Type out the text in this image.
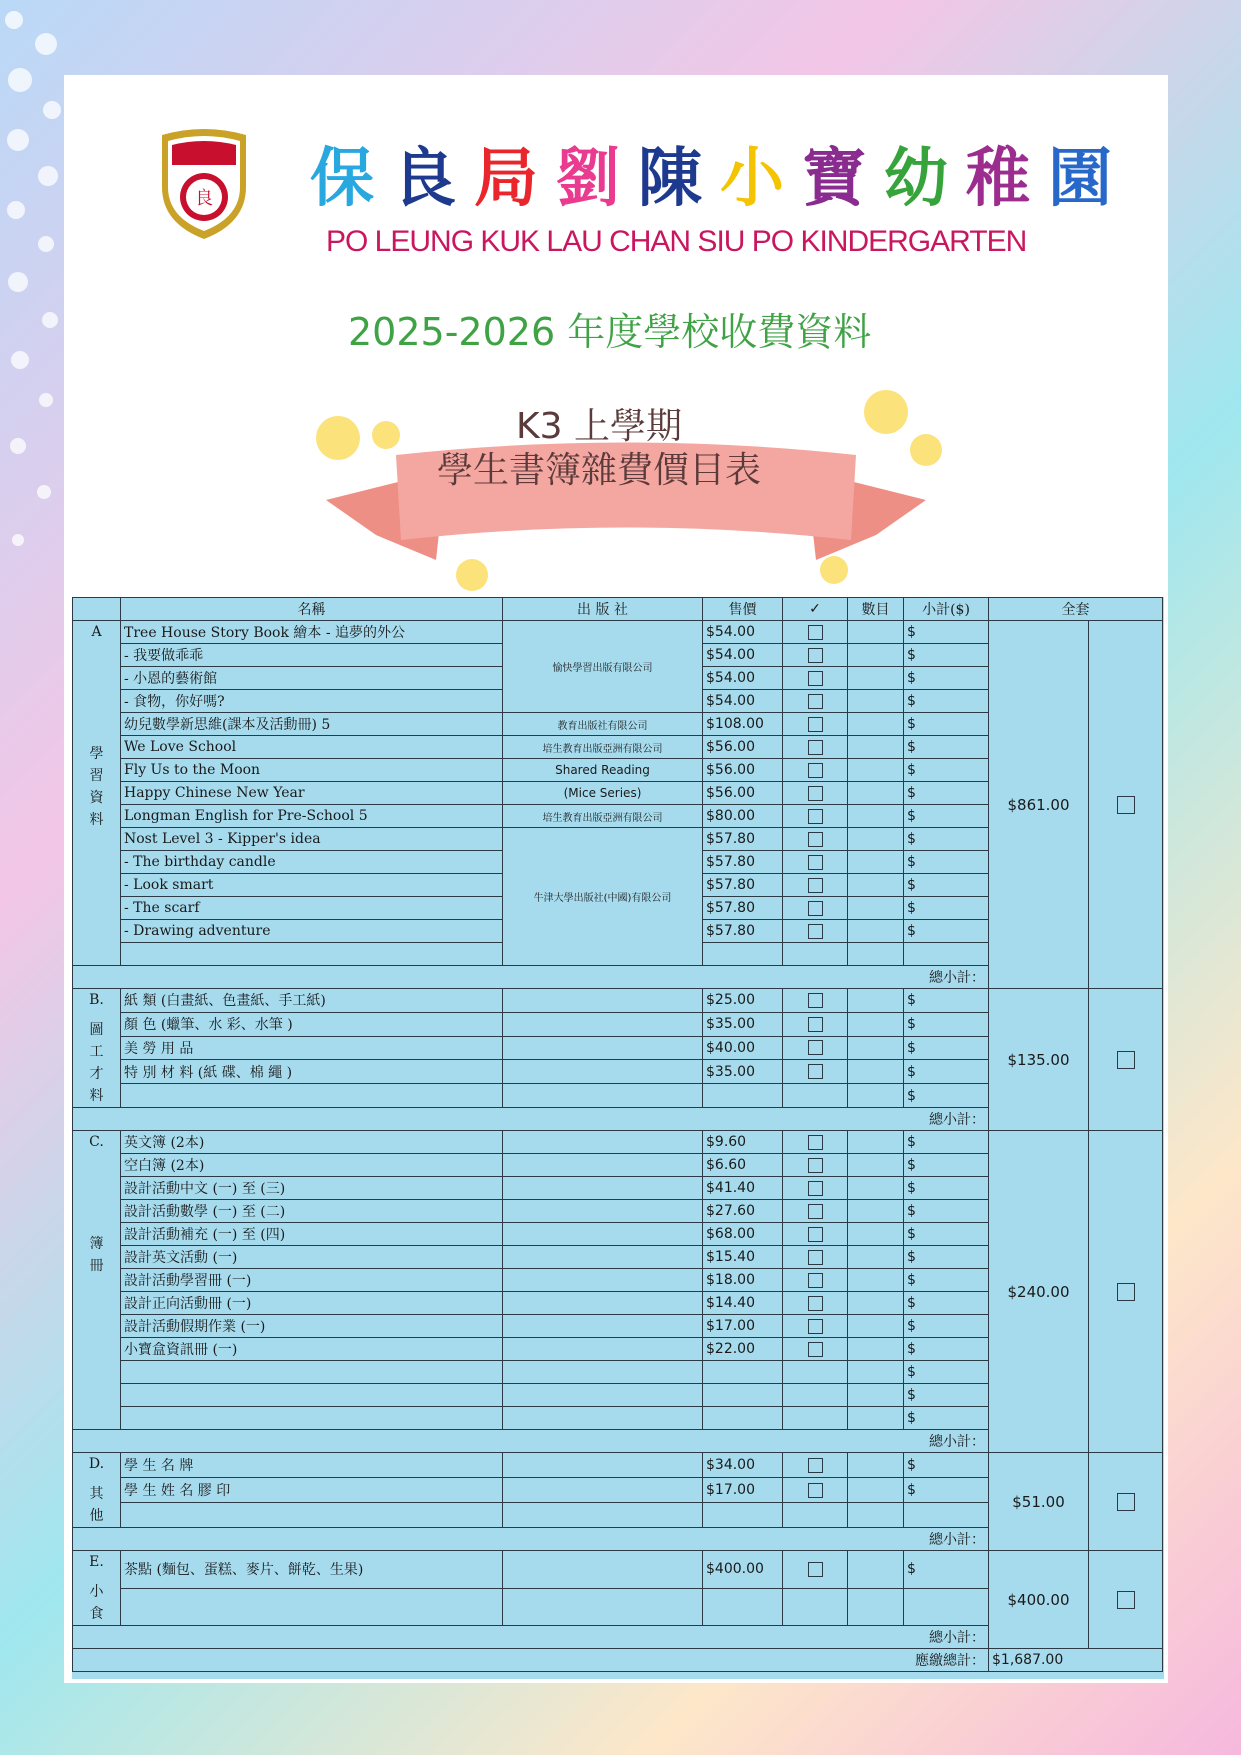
良 保 良 局 劉 陳 小 寶 幼 稚 園
PO LEUNG KUK LAU CHAN SIU PO KINDERGARTEN
2025-2026 年度學校收費資料
K3 上學期
學生書簿雜費價目表
	名稱	出 版 社	售價	✓	數目	小計($)	全套	

A
學
習
資
料	Tree House Story Book 繪本 - 追夢的外公	愉快學習出版有限公司	$54.00			$	$861.00	
	- 我要做乖乖		$54.00			$		
	- 小恩的藝術館		$54.00			$		
	- 食物，你好嗎?		$54.00			$		
	幼兒數學新思維(課本及活動冊) 5	教育出版社有限公司	$108.00			$		
	We Love School	培生教育出版亞洲有限公司	$56.00			$		
	Fly Us to the Moon	Shared Reading	$56.00			$		
	Happy Chinese New Year	(Mice Series)	$56.00			$		
	Longman English for Pre-School 5	培生教育出版亞洲有限公司	$80.00			$		
	Nost Level 3 - Kipper's idea	牛津大學出版社(中國)有限公司	$57.80			$		
	- The birthday candle		$57.80			$		
	- Look smart		$57.80			$		
	- The scarf		$57.80			$		
	- Drawing adventure		$57.80			$		

總小計：								

B.
圖
工
才
料	紙 類 (白畫紙、色畫紙、手工紙)		$25.00			$	$135.00	
	顏 色 (蠟筆、水 彩、水筆 )		$35.00			$		
	美 勞 用 品		$40.00			$		
	特 別 材 料 (紙 碟、棉 繩 )		$35.00			$		
						$		
總小計：								

C.
簿
冊	英文簿 (2本)		$9.60			$	$240.00	
	空白簿 (2本)		$6.60			$		
	設計活動中文 (一) 至 (三)		$41.40			$		
	設計活動數學 (一) 至 (二)		$27.60			$		
	設計活動補充 (一) 至 (四)		$68.00			$		
	設計英文活動 (一)		$15.40			$		
	設計活動學習冊 (一)		$18.00			$		
	設計正向活動冊 (一)		$14.40			$		
	設計活動假期作業 (一)		$17.00			$		
	小寶盒資訊冊 (一)		$22.00			$		
						$		
						$		
						$		
總小計：								

D.
其
他	學 生 名 牌		$34.00			$	$51.00	
	學 生 姓 名 膠 印		$17.00			$		

總小計：								

E.
小
食	茶點 (麵包、蛋糕、麥片、餅乾、生果)		$400.00			$	$400.00	

總小計：								
應繳總計：							$1,687.00	
